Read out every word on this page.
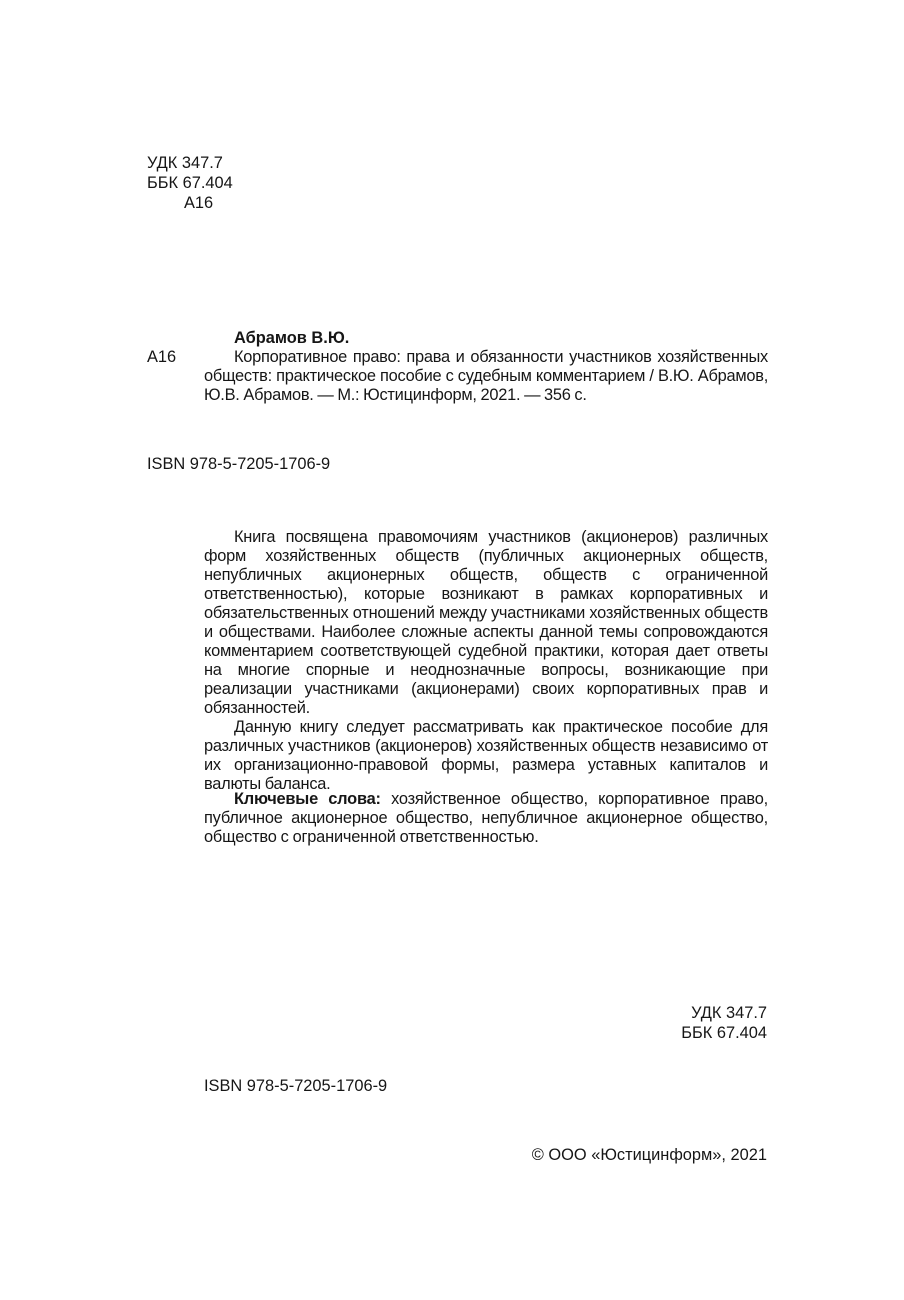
УДК 347.7
ББК 67.404
А16
Абрамов В.Ю.
А16	Корпоративное право: права и обязанности участников хозяйственных обществ: практическое пособие с судебным комментарием / В.Ю. Абрамов, Ю.В. Абрамов. — М.: Юстицинформ, 2021. — 356 с.

ISBN 978-5-7205-1706-9

Книга посвящена правомочиям участников (акционеров) различных форм хозяйственных обществ (публичных акционерных обществ, непубличных акционерных обществ, обществ с ограниченной ответственностью), которые возникают в рамках корпоративных и обязательственных отношений между участниками хозяйственных обществ и обществами. Наиболее сложные аспекты данной темы сопровождаются комментарием соответствующей судебной практики, которая дает ответы на многие спорные и неоднозначные вопросы, возникающие при реализации участниками (акционерами) своих корпоративных прав и обязанностей.

Данную книгу следует рассматривать как практическое пособие для различных участников (акционеров) хозяйственных обществ независимо от их организационно-правовой формы, размера уставных капиталов и валюты баланса.

Ключевые слова: хозяйственное общество, корпоративное право, публичное акционерное общество, непубличное акционерное общество, общество с ограниченной ответственностью.

УДК 347.7
ББК 67.404
ISBN 978-5-7205-1706-9
© ООО «Юстицинформ», 2021
